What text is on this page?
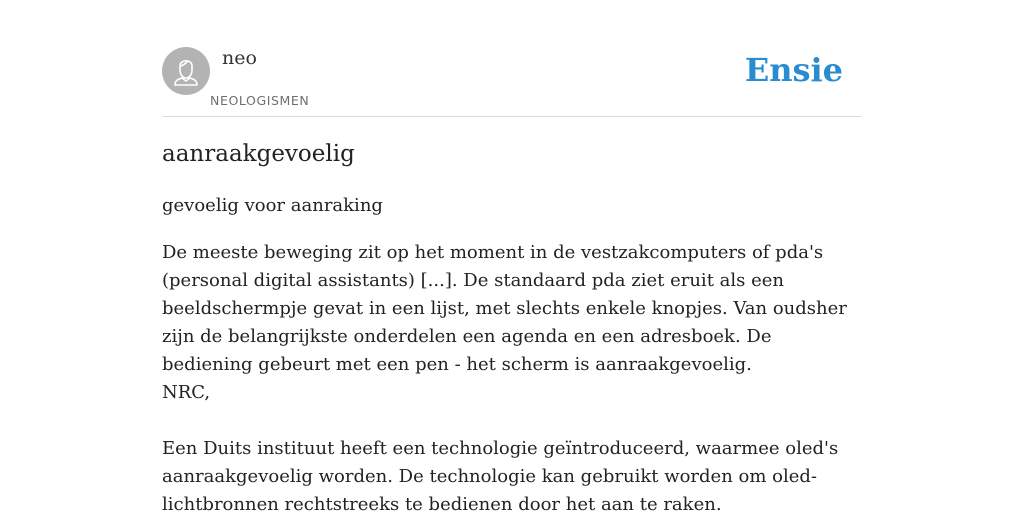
neo
NEOLOGISMEN
Ensie
aanraakgevoelig

gevoelig voor aanraking

De meeste beweging zit op het moment in de vestzakcomputers of pda's (personal digital assistants) [...]. De standaard pda ziet eruit als een beeldschermpje gevat in een lijst, met slechts enkele knopjes. Van oudsher zijn de belangrijkste onderdelen een agenda en een adresboek. De bediening gebeurt met een pen - het scherm is aanraakgevoelig.

NRC,

Een Duits instituut heeft een technologie geïntroduceerd, waarmee oled's aanraakgevoelig worden. De technologie kan gebruikt worden om oled-lichtbronnen rechtstreeks te bedienen door het aan te raken.
